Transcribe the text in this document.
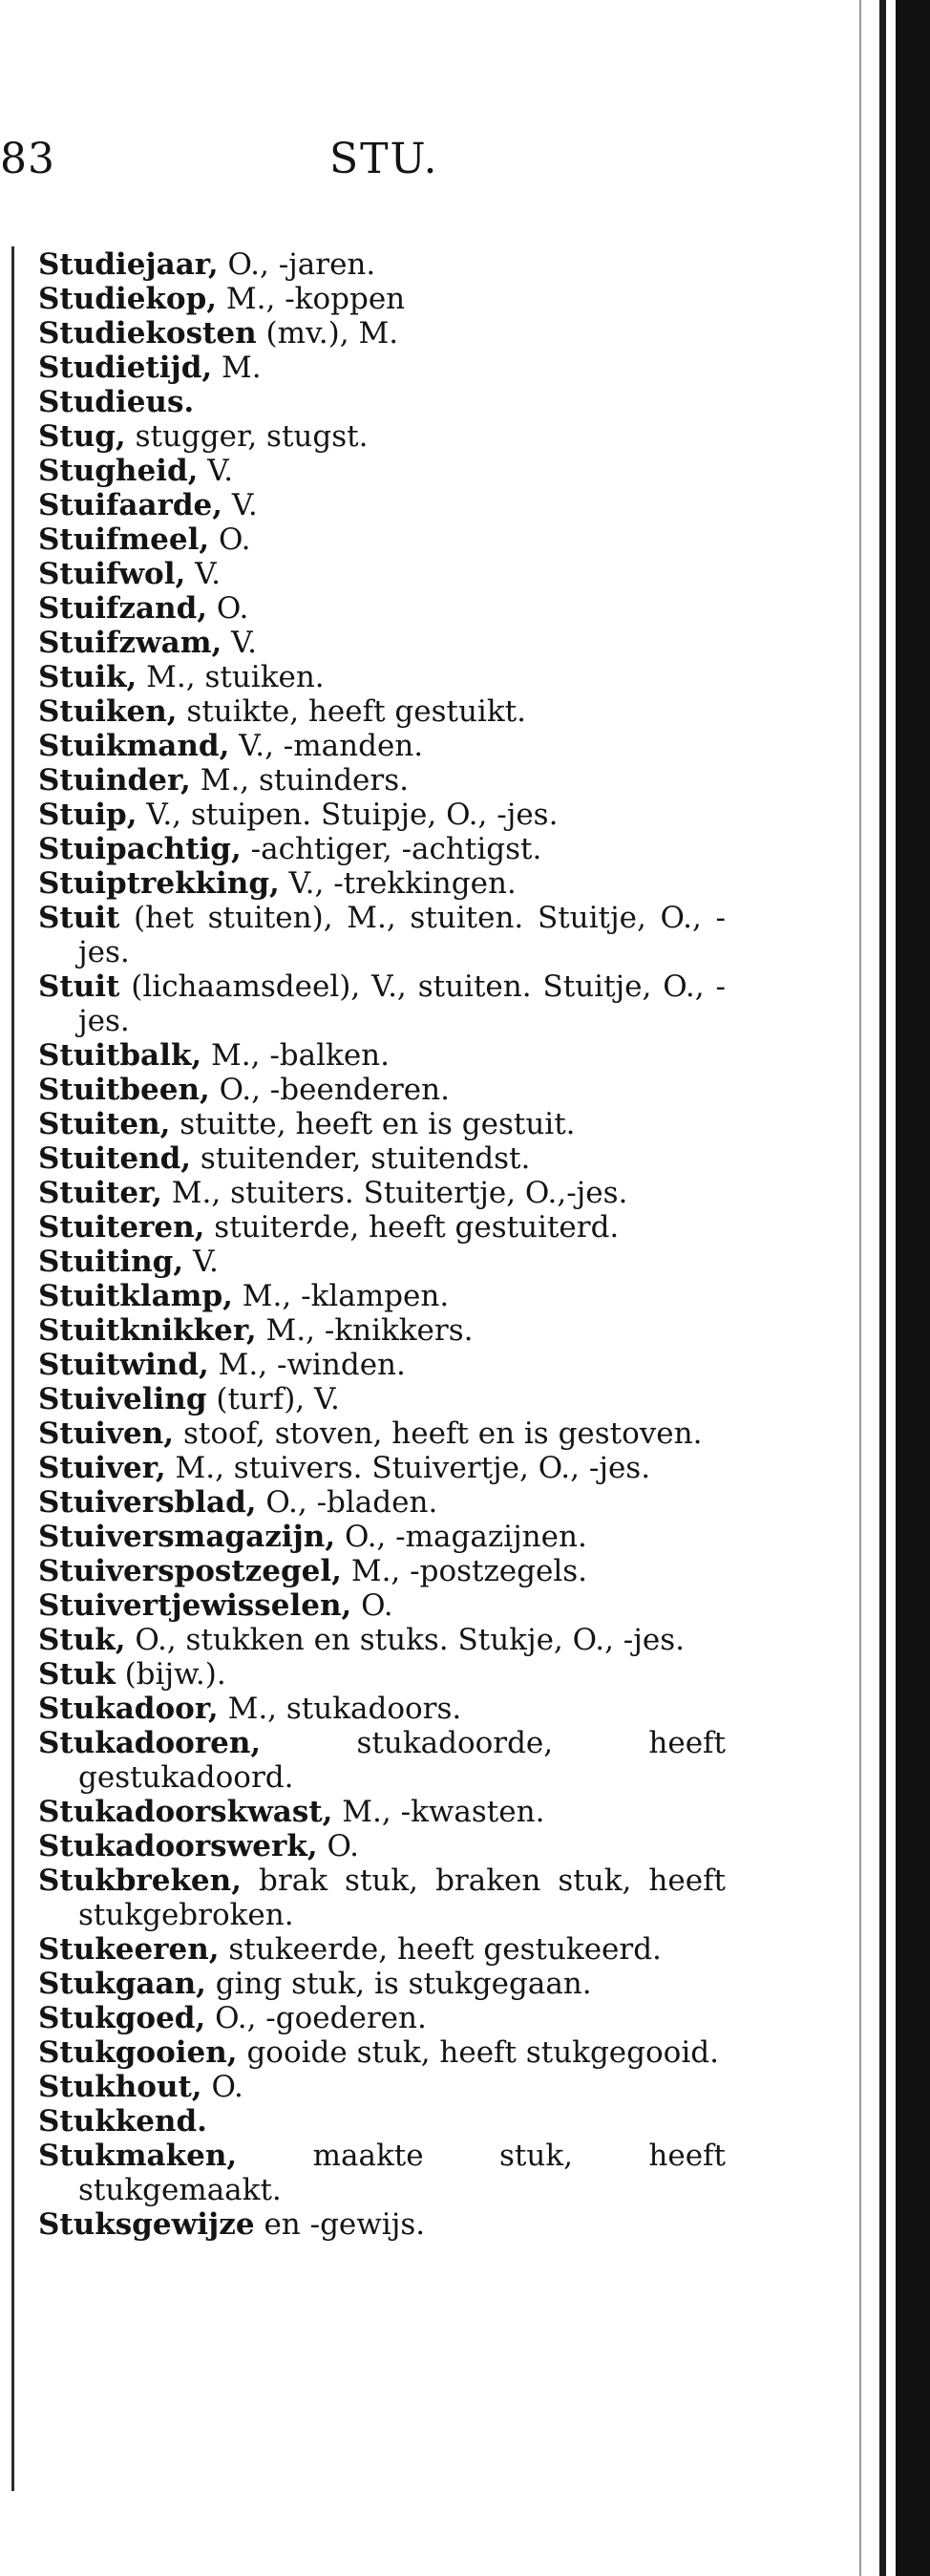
83	STU.
Studiejaar, O., -jaren.
Studiekop, M., -koppen
Studiekosten (mv.), M.
Studietijd, M.
Studieus.
Stug, stugger, stugst.
Stugheid, V.
Stuifaarde, V.
Stuifmeel, O.
Stuifwol, V.
Stuifzand, O.
Stuifzwam, V.
Stuik, M., stuiken.
Stuiken, stuikte, heeft gestuikt.
Stuikmand, V., -manden.
Stuinder, M., stuinders.
Stuip, V., stuipen. Stuipje, O., -jes.
Stuipachtig, -achtiger, -achtigst.
Stuiptrekking, V., -trekkingen.
Stuit (het stuiten), M., stuiten. Stuitje, O., -jes.
Stuit (lichaamsdeel), V., stuiten. Stuitje, O., -jes.
Stuitbalk, M., -balken.
Stuitbeen, O., -beenderen.
Stuiten, stuitte, heeft en is gestuit.
Stuitend, stuitender, stuitendst.
Stuiter, M., stuiters. Stuitertje, O.,-jes.
Stuiteren, stuiterde, heeft gestuiterd.
Stuiting, V.
Stuitklamp, M., -klampen.
Stuitknikker, M., -knikkers.
Stuitwind, M., -winden.
Stuiveling (turf), V.
Stuiven, stoof, stoven, heeft en is gestoven.
Stuiver, M., stuivers. Stuivertje, O., -jes.
Stuiversblad, O., -bladen.
Stuiversmagazijn, O., -magazijnen.
Stuiverspostzegel, M., -postzegels.
Stuivertjewisselen, O.
Stuk, O., stukken en stuks. Stukje, O., -jes.
Stuk (bijw.).
Stukadoor, M., stukadoors.
Stukadooren, stukadoorde, heeft gestukadoord.
Stukadoorskwast, M., -kwasten.
Stukadoorswerk, O.
Stukbreken, brak stuk, braken stuk, heeft stukgebroken.
Stukeeren, stukeerde, heeft gestukeerd.
Stukgaan, ging stuk, is stukgegaan.
Stukgoed, O., -goederen.
Stukgooien, gooide stuk, heeft stukgegooid.
Stukhout, O.
Stukkend.
Stukmaken, maakte stuk, heeft stukgemaakt.
Stuksgewijze en -gewijs.
